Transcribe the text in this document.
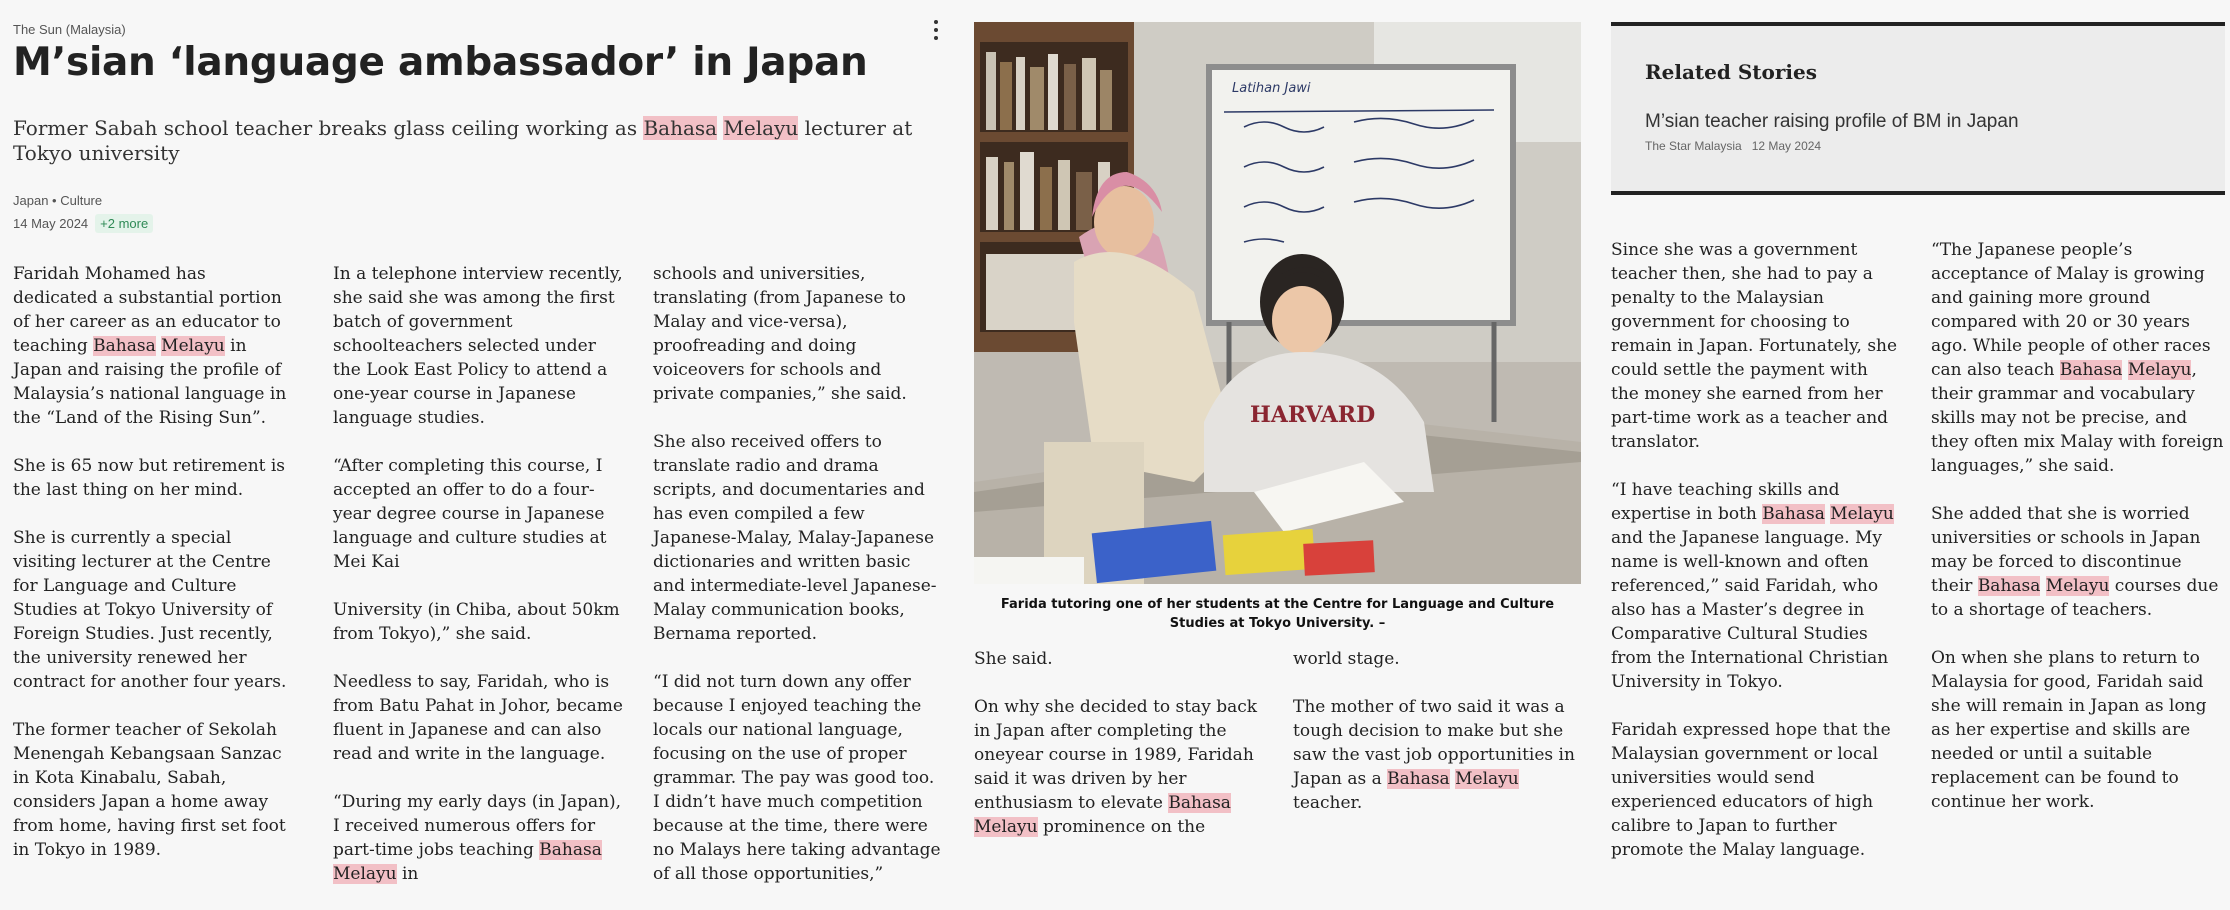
The Sun (Malaysia)
M’sian ‘language ambassador’ in Japan

Former Sabah school teacher breaks glass ceiling working as Bahasa Melayu lecturer at Tokyo university

Japan • Culture
14 May 2024 +2 more

Faridah Mohamed has dedicated a substantial portion of her career as an educator to teaching Bahasa Melayu in Japan and raising the profile of Malaysia’s national language in the “Land of the Rising Sun”.

She is 65 now but retirement is the last thing on her mind.

She is currently a special visiting lecturer at the Centre for Language and Culture Studies at Tokyo University of Foreign Studies. Just recently, the university renewed her contract for another four years.

The former teacher of Sekolah Menengah Kebangsaan Sanzac in Kota Kinabalu, Sabah, considers Japan a home away from home, having first set foot in Tokyo in 1989.

In a telephone interview recently, she said she was among the first batch of government schoolteachers selected under the Look East Policy to attend a one-year course in Japanese language studies.

“After completing this course, I accepted an offer to do a four-year degree course in Japanese language and culture studies at Mei Kai

University (in Chiba, about 50km from Tokyo),” she said.

Needless to say, Faridah, who is from Batu Pahat in Johor, became fluent in Japanese and can also read and write in the language.

“During my early days (in Japan), I received numerous offers for part-time jobs teaching Bahasa Melayu in

schools and universities, translating (from Japanese to Malay and vice-versa), proofreading and doing voiceovers for schools and private companies,” she said.

She also received offers to translate radio and drama scripts, and documentaries and has even compiled a few Japanese-Malay, Malay-Japanese dictionaries and written basic and intermediate-level Japanese-Malay communication books, Bernama reported.

“I did not turn down any offer because I enjoyed teaching the locals our national language, focusing on the use of proper grammar. The pay was good too. I didn’t have much competition because at the time, there were no Malays here taking advantage of all those opportunities,”

Latihan Jawi
HARVARD
Farida tutoring one of her students at the Centre for Language and Culture Studies at Tokyo University. –

She said.

On why she decided to stay back in Japan after completing the oneyear course in 1989, Faridah said it was driven by her enthusiasm to elevate Bahasa Melayu prominence on the

world stage.

The mother of two said it was a tough decision to make but she saw the vast job opportunities in Japan as a Bahasa Melayu teacher.

Related Stories
M’sian teacher raising profile of BM in Japan
The Star Malaysia 12 May 2024

Since she was a government teacher then, she had to pay a penalty to the Malaysian government for choosing to remain in Japan. Fortunately, she could settle the payment with the money she earned from her part-time work as a teacher and translator.

“I have teaching skills and expertise in both Bahasa Melayu and the Japanese language. My name is well-known and often referenced,” said Faridah, who also has a Master’s degree in Comparative Cultural Studies from the International Christian University in Tokyo.

Faridah expressed hope that the Malaysian government or local universities would send experienced educators of high calibre to Japan to further promote the Malay language.

“The Japanese people’s acceptance of Malay is growing and gaining more ground compared with 20 or 30 years ago. While people of other races can also teach Bahasa Melayu, their grammar and vocabulary skills may not be precise, and they often mix Malay with foreign languages,” she said.

She added that she is worried universities or schools in Japan may be forced to discontinue their Bahasa Melayu courses due to a shortage of teachers.

On when she plans to return to Malaysia for good, Faridah said she will remain in Japan as long as her expertise and skills are needed or until a suitable replacement can be found to continue her work.
